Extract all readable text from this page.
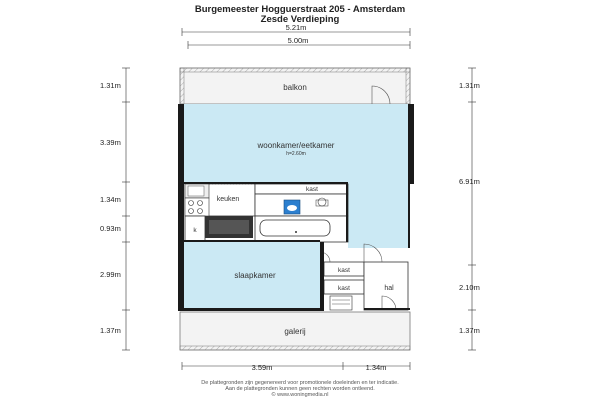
Burgemeester Hogguerstraat 205 - Amsterdam
Zesde Verdieping
5.21m
5.00m
1.31m
3.39m
1.34m
0.93m
2.99m
1.37m
1.31m
6.91m
2.10m
1.37m
3.59m	1.34m
balkon
woonkamer/eetkamer
h=2.60m
keuken
kast
k
slaapkamer
kast
kast	hal
galerij
De plattegronden zijn gegenereerd voor promotionele doeleinden en ter indicatie.
Aan de plattegronden kunnen geen rechten worden ontleend.
© www.woningmedia.nl
